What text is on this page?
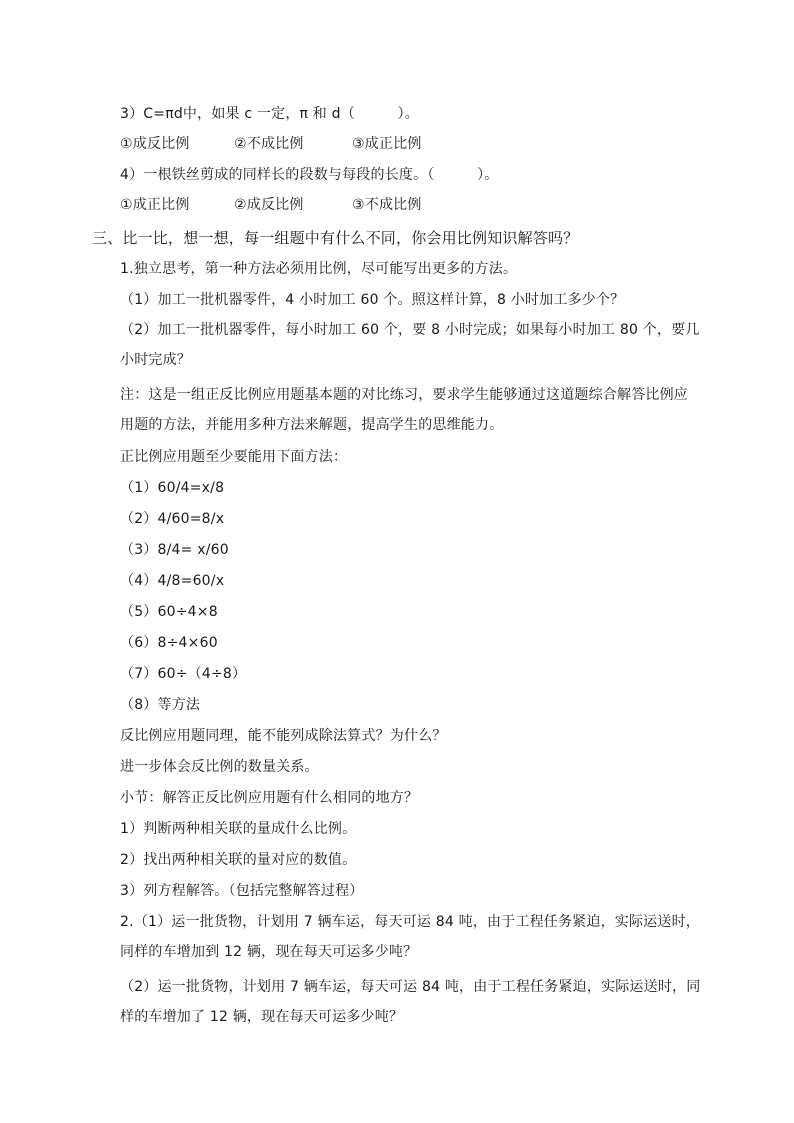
3）C=πd中，如果 c 一定，π 和 d（　　　）。
①成反比例	②不成比例	③成正比例
4）一根铁丝剪成的同样长的段数与每段的长度。（　　　）。
①成正比例	②成反比例	③不成比例
三、比一比，想一想，每一组题中有什么不同，你会用比例知识解答吗？
1.独立思考，第一种方法必须用比例，尽可能写出更多的方法。
（1）加工一批机器零件，4 小时加工 60 个。照这样计算，8 小时加工多少个？
（2）加工一批机器零件，每小时加工 60 个，要 8 小时完成；如果每小时加工 80 个，要几小时完成？
注：这是一组正反比例应用题基本题的对比练习，要求学生能够通过这道题综合解答比例应用题的方法，并能用多种方法来解题，提高学生的思维能力。
正比例应用题至少要能用下面方法：
（1）60/4=x/8
（2）4/60=8/x
（3）8/4= x/60
（4）4/8=60/x
（5）60÷4×8
（6）8÷4×60
（7）60÷（4÷8）
（8）等方法
反比例应用题同理，能不能列成除法算式？为什么？
进一步体会反比例的数量关系。
小节：解答正反比例应用题有什么相同的地方？
1）判断两种相关联的量成什么比例。
2）找出两种相关联的量对应的数值。
3）列方程解答。（包括完整解答过程）
2.（1）运一批货物，计划用 7 辆车运，每天可运 84 吨，由于工程任务紧迫，实际运送时，同样的车增加到 12 辆，现在每天可运多少吨？
（2）运一批货物，计划用 7 辆车运，每天可运 84 吨，由于工程任务紧迫，实际运送时，同样的车增加了 12 辆，现在每天可运多少吨？
